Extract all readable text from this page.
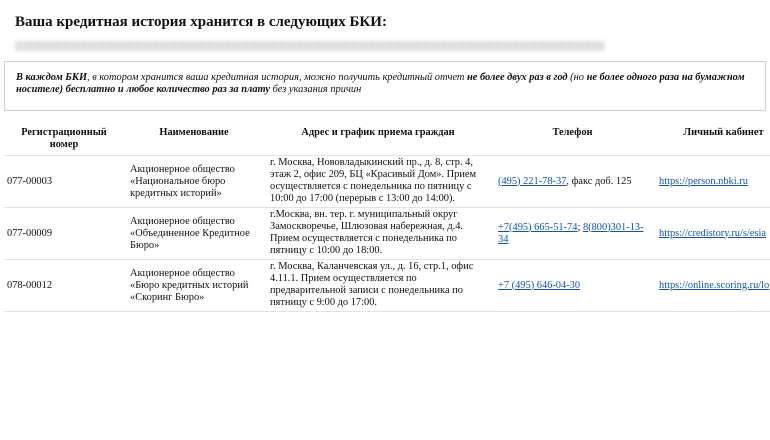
Ваша кредитная история хранится в следующих БКИ:
В каждом БКИ, в котором хранится ваша кредитная история, можно получить кредитный отчет не более двух раз в год (но не более одного раза на бумажном носителе) бесплатно и любое количество раз за плату без указания причин
Регистрационный номер	Наименование	Адрес и график приема граждан	Телефон	Личный кабинет
077-00003	Акционерное общество «Национальное бюро кредитных историй»	г. Москва, Нововладыкинский пр., д. 8, стр. 4, этаж 2, офис 209, БЦ «Красивый Дом». Прием осуществляется с понедельника по пятницу с 10:00 до 17:00 (перерыв с 13:00 до 14:00).	(495) 221-78-37, факс доб. 125	https://person.nbki.ru
077-00009	Акционерное общество «Объединенное Кредитное Бюро»	г.Москва, вн. тер. г. муниципальный округ Замоскворечье, Шлюзовая набережная, д.4. Прием осуществляется с понедельника по пятницу с 10:00 до 18:00.	+7(495) 665-51-74; 8(800)301-13-34	https://credistory.ru/s/esia
078-00012	Акционерное общество «Бюро кредитных историй «Скоринг Бюро»	г. Москва, Каланчевская ул., д. 16, стр.1, офис 4.11.1. Прием осуществляется по предварительной записи с понедельника по пятницу с 9:00 до 17:00.	+7 (495) 646-04-30	https://online.scoring.ru/lo
